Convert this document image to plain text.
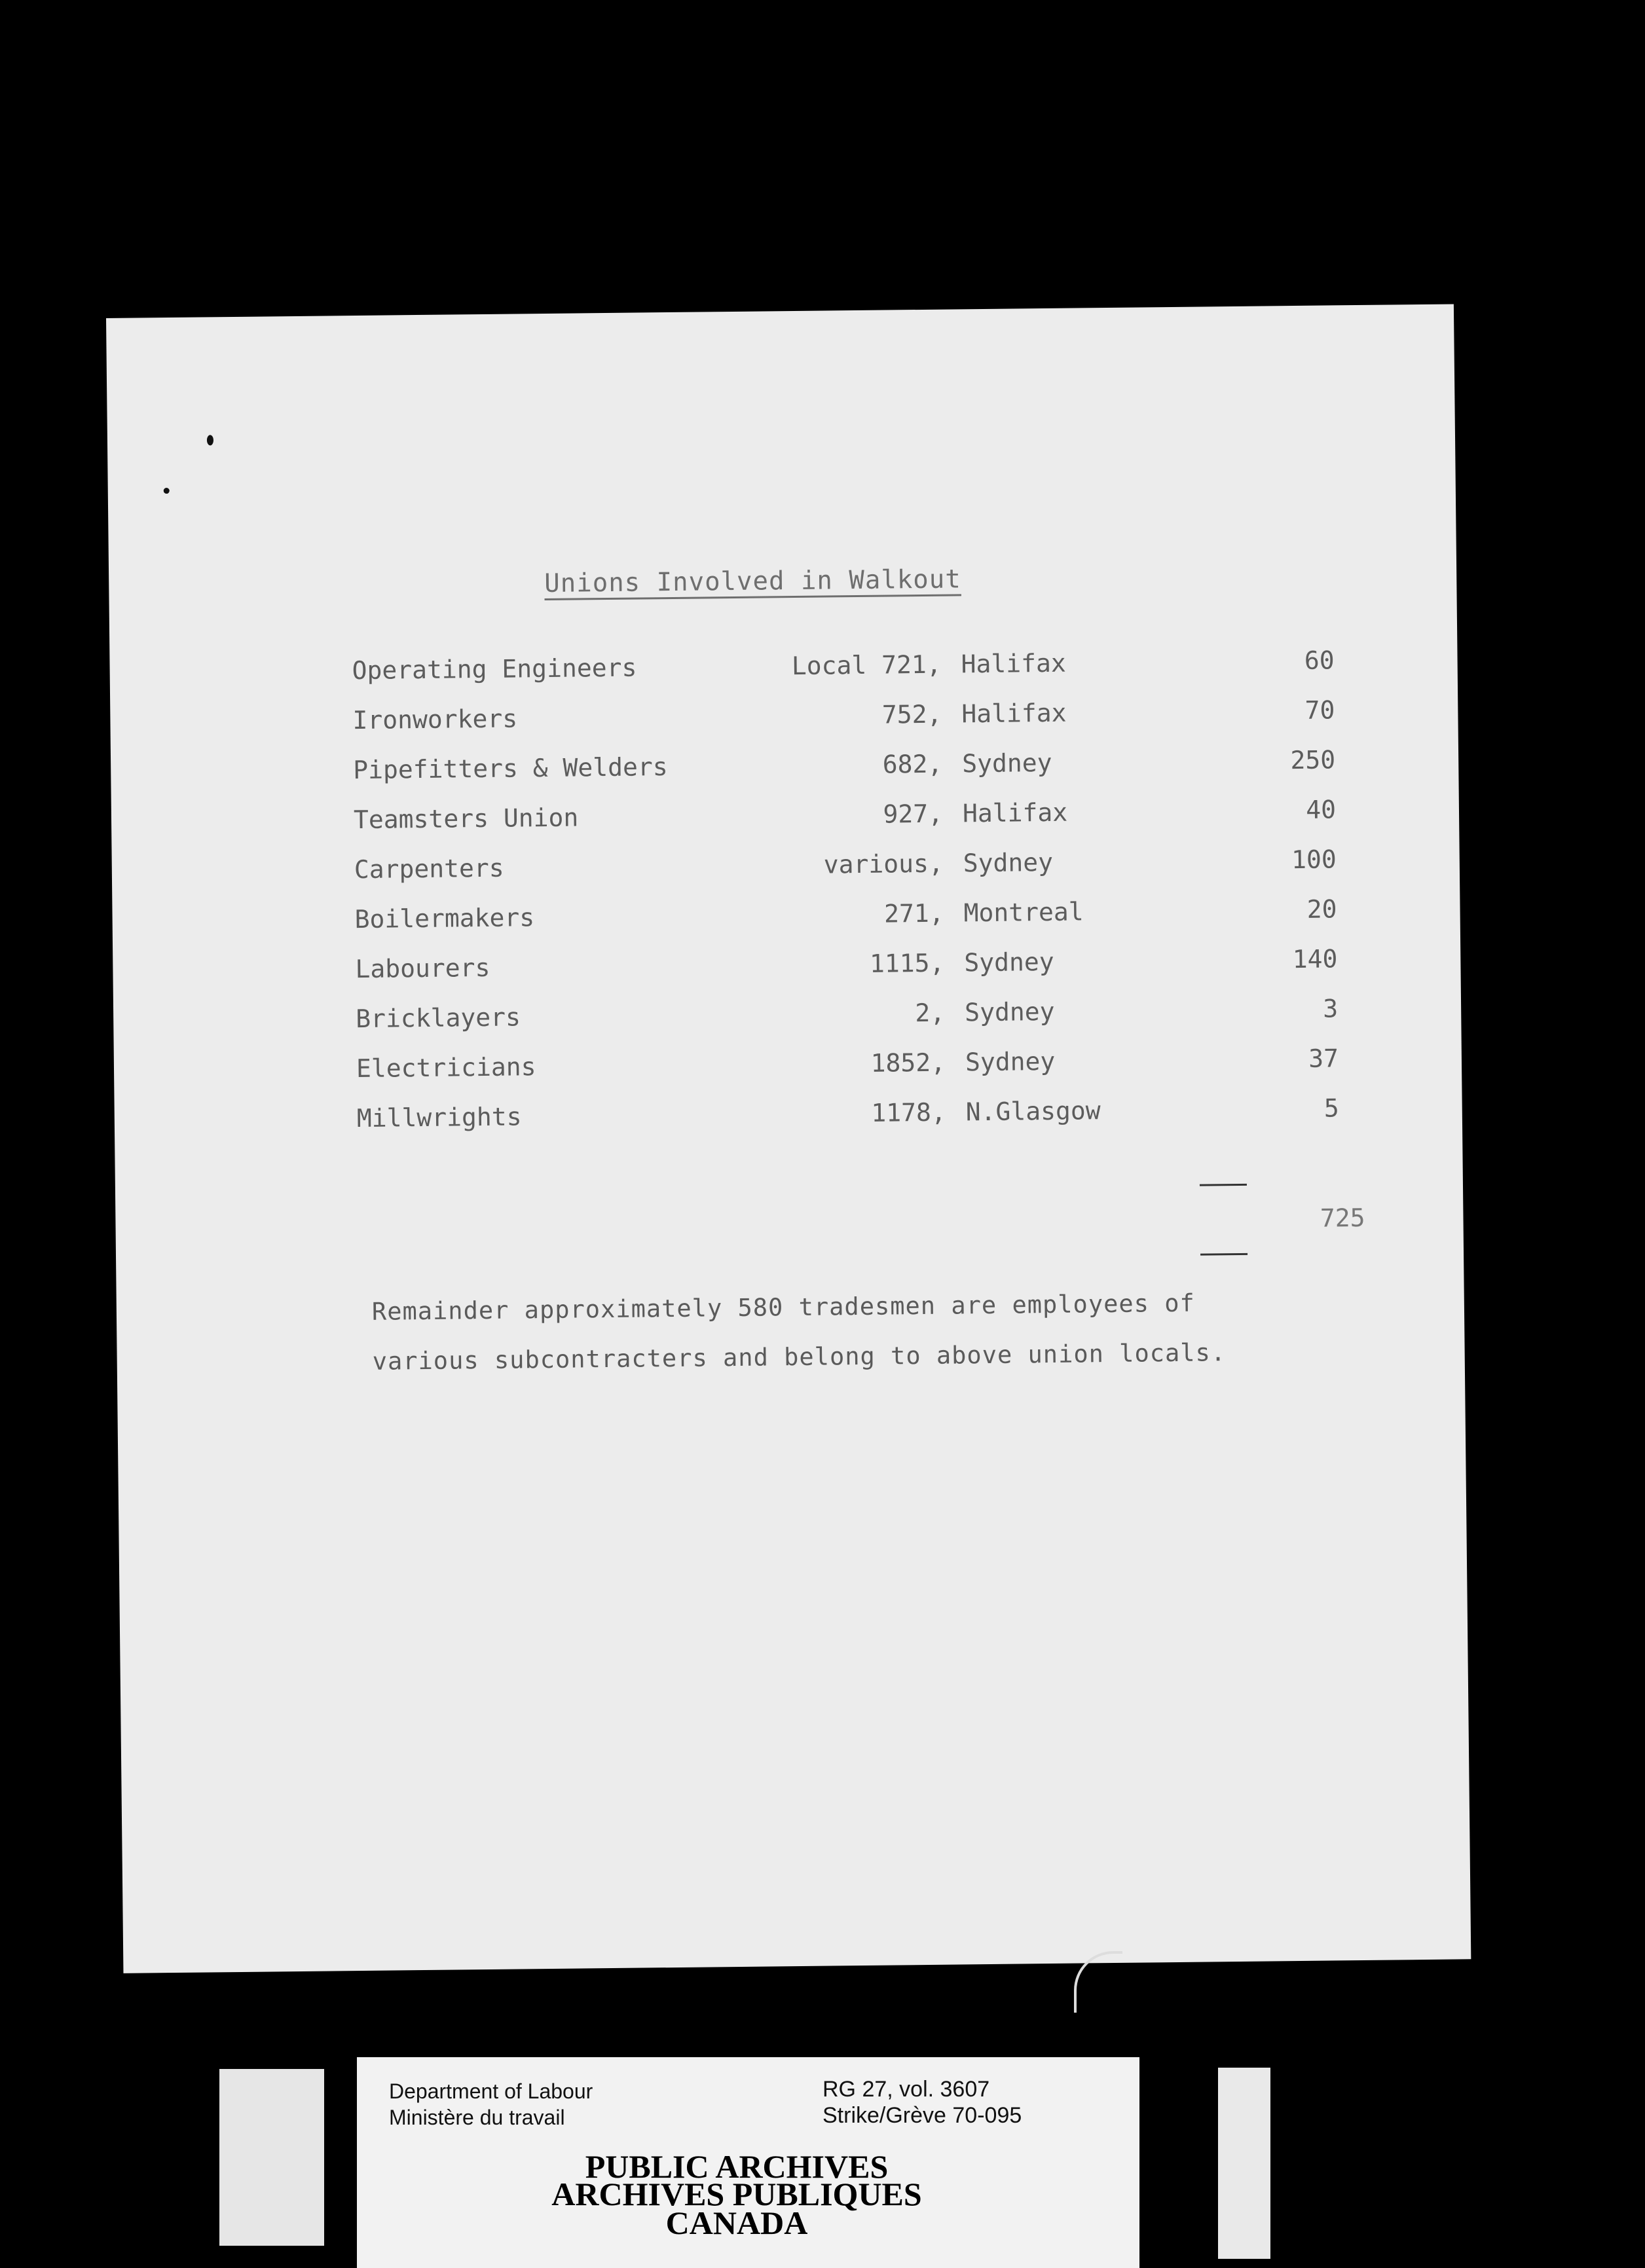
Unions Involved in Walkout
Operating Engineers	Local 721, Halifax	60
Ironworkers	752, Halifax	70
Pipefitters & Welders	682, Sydney	250
Teamsters Union	927, Halifax	40
Carpenters	various, Sydney	100
Boilermakers	271, Montreal	20
Labourers	1115, Sydney	140
Bricklayers	2, Sydney	3
Electricians	1852, Sydney	37
Millwrights	1178, N.Glasgow	5
725
Remainder approximately 580 tradesmen are employees of
various subcontracters and belong to above union locals.
Department of Labour
Ministère du travail
RG 27, vol. 3607
Strike/Grève 70-095
PUBLIC ARCHIVES
ARCHIVES PUBLIQUES
CANADA
